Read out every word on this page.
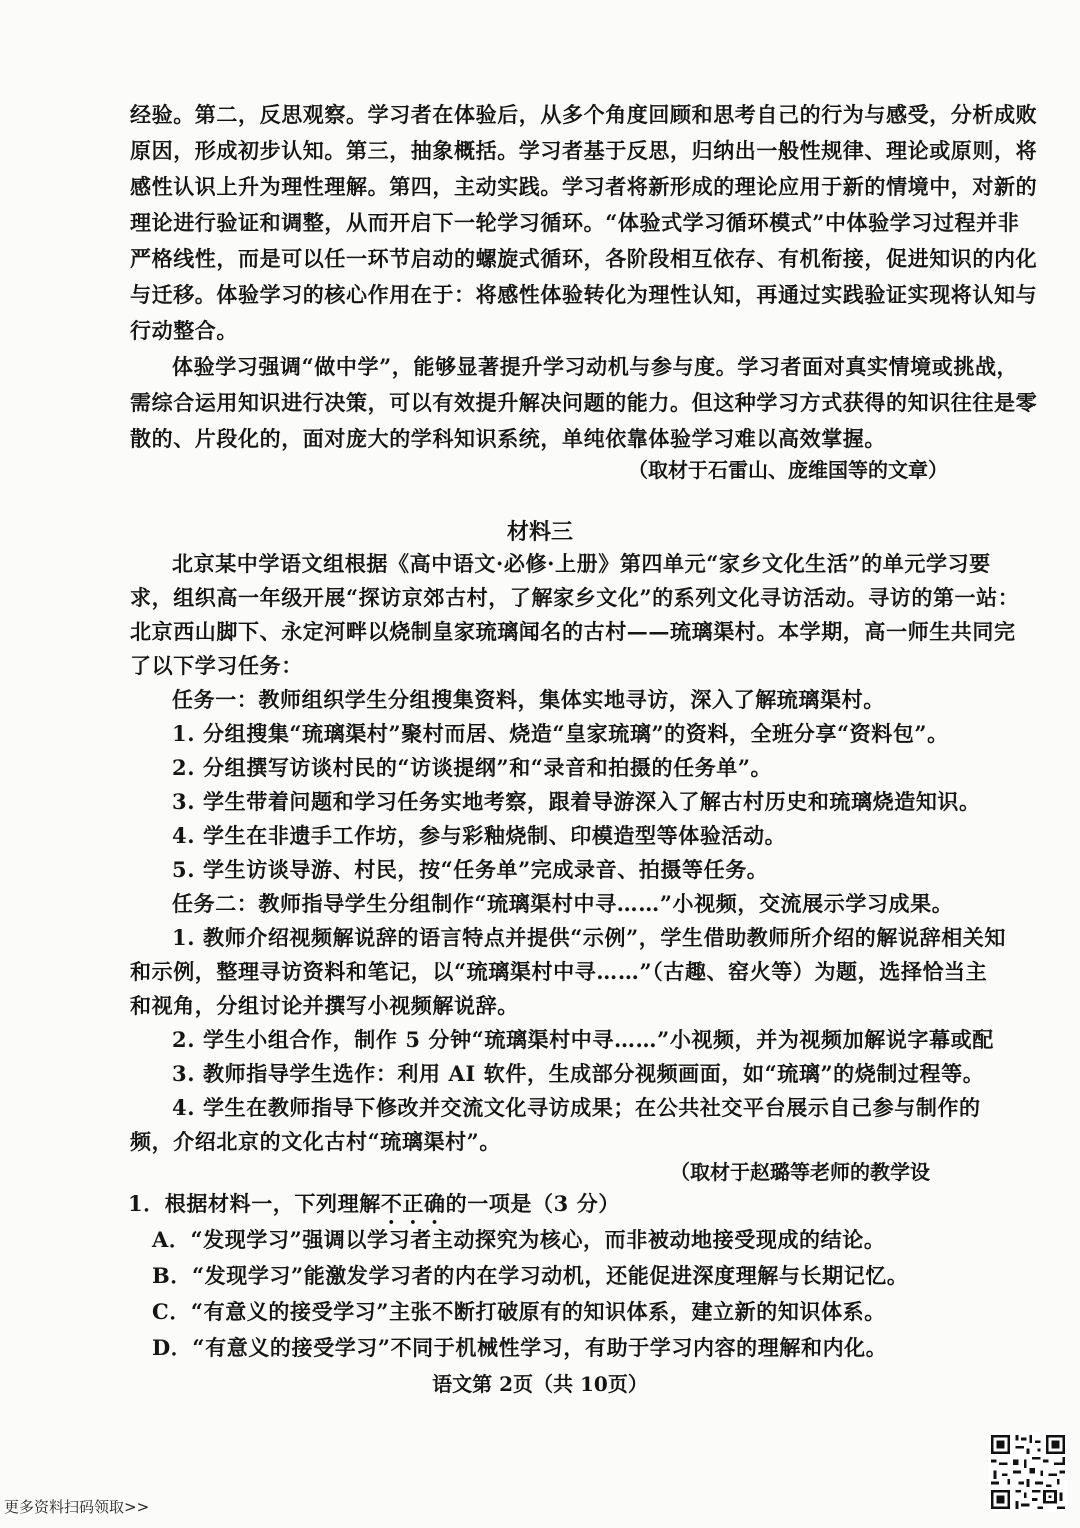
经验。第二，反思观察。学习者在体验后，从多个角度回顾和思考自己的行为与感受，分析成败
原因，形成初步认知。第三，抽象概括。学习者基于反思，归纳出一般性规律、理论或原则，将
感性认识上升为理性理解。第四，主动实践。学习者将新形成的理论应用于新的情境中，对新的
理论进行验证和调整，从而开启下一轮学习循环。“体验式学习循环模式”中体验学习过程并非
严格线性，而是可以任一环节启动的螺旋式循环，各阶段相互依存、有机衔接，促进知识的内化
与迁移。体验学习的核心作用在于：将感性体验转化为理性认知，再通过实践验证实现将认知与
行动整合。
体验学习强调“做中学”，能够显著提升学习动机与参与度。学习者面对真实情境或挑战，
需综合运用知识进行决策，可以有效提升解决问题的能力。但这种学习方式获得的知识往往是零
散的、片段化的，面对庞大的学科知识系统，单纯依靠体验学习难以高效掌握。
（取材于石雷山、庞维国等的文章）
材料三
北京某中学语文组根据《高中语文·必修·上册》第四单元“家乡文化生活”的单元学习要
求，组织高一年级开展“探访京郊古村，了解家乡文化”的系列文化寻访活动。寻访的第一站：
北京西山脚下、永定河畔以烧制皇家琉璃闻名的古村——琉璃渠村。本学期，高一师生共同完
了以下学习任务：
任务一：教师组织学生分组搜集资料，集体实地寻访，深入了解琉璃渠村。
1. 分组搜集“琉璃渠村”聚村而居、烧造“皇家琉璃”的资料，全班分享“资料包”。
2. 分组撰写访谈村民的“访谈提纲”和“录音和拍摄的任务单”。
3. 学生带着问题和学习任务实地考察，跟着导游深入了解古村历史和琉璃烧造知识。
4. 学生在非遗手工作坊，参与彩釉烧制、印模造型等体验活动。
5. 学生访谈导游、村民，按“任务单”完成录音、拍摄等任务。
任务二：教师指导学生分组制作“琉璃渠村中寻……”小视频，交流展示学习成果。
1. 教师介绍视频解说辞的语言特点并提供“示例”，学生借助教师所介绍的解说辞相关知
和示例，整理寻访资料和笔记，以“琉璃渠村中寻……”（古趣、窑火等）为题，选择恰当主
和视角，分组讨论并撰写小视频解说辞。
2. 学生小组合作，制作 5 分钟“琉璃渠村中寻……”小视频，并为视频加解说字幕或配
3. 教师指导学生选作：利用 AI 软件，生成部分视频画面，如“琉璃”的烧制过程等。
4. 学生在教师指导下修改并交流文化寻访成果；在公共社交平台展示自己参与制作的
频，介绍北京的文化古村“琉璃渠村”。
（取材于赵璐等老师的教学设
1．根据材料一，下列理解不正确的一项是（3 分）
A．“发现学习”强调以学习者主动探究为核心，而非被动地接受现成的结论。
B．“发现学习”能激发学习者的内在学习动机，还能促进深度理解与长期记忆。
C．“有意义的接受学习”主张不断打破原有的知识体系，建立新的知识体系。
D．“有意义的接受学习”不同于机械性学习，有助于学习内容的理解和内化。
语文第 2页（共 10页）
更多资料扫码领取>>
